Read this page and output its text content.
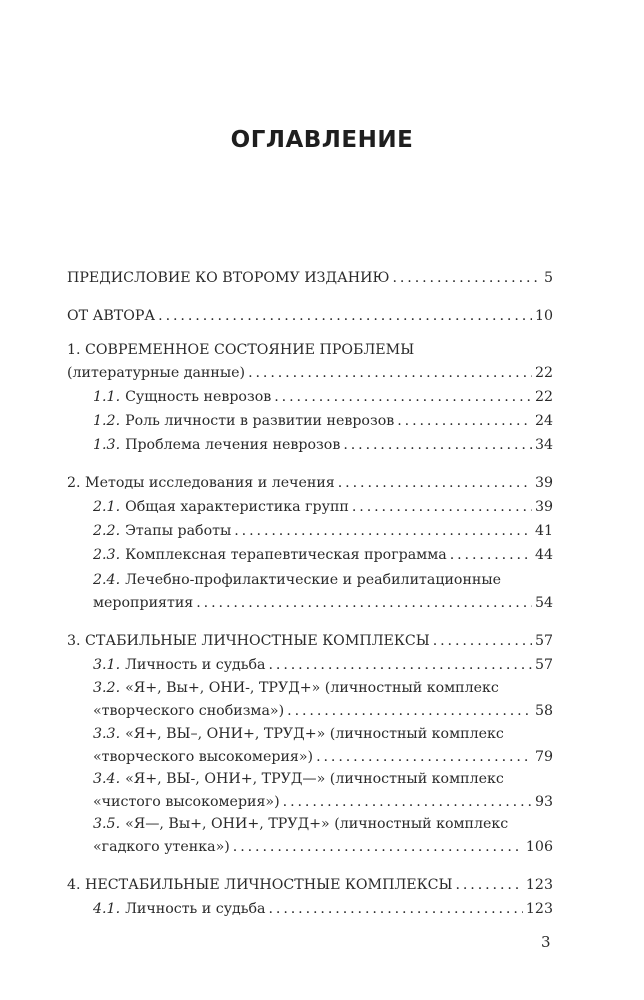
ОГЛАВЛЕНИЕ
ПРЕДИСЛОВИЕ КО ВТОРОМУ ИЗДАНИЮ . . .	5
ОТ АВТОРА . . .	10
1. СОВРЕМЕННОЕ СОСТОЯНИЕ ПРОБЛЕМЫ
(литературные данные) . . .	22
1.1. Сущность неврозов . . .	22
1.2. Роль личности в развитии неврозов . . .	24
1.3. Проблема лечения неврозов . . .	34
2. Методы исследования и лечения . . .	39
2.1. Общая характеристика групп . . .	39
2.2. Этапы работы . . .	41
2.3. Комплексная терапевтическая программа . . .	44
2.4. Лечебно-профилактические и реабилитационные
мероприятия . . .	54
3. СТАБИЛЬНЫЕ ЛИЧНОСТНЫЕ КОМПЛЕКСЫ . . .	57
3.1. Личность и судьба . . .	57
3.2. «Я+, Вы+, ОНИ-, ТРУД+» (личностный комплекс
«творческого снобизма») . . .	58
3.3. «Я+, ВЫ–, ОНИ+, ТРУД+» (личностный комплекс
«творческого высокомерия») . . .	79
3.4. «Я+, ВЫ-, ОНИ+, ТРУД—» (личностный комплекс
«чистого высокомерия») . . .	93
3.5. «Я—, Вы+, ОНИ+, ТРУД+» (личностный комплекс
«гадкого утенка») . . .	106
4. НЕСТАБИЛЬНЫЕ ЛИЧНОСТНЫЕ КОМПЛЕКСЫ . . .	123
4.1. Личность и судьба . . .	123
3
